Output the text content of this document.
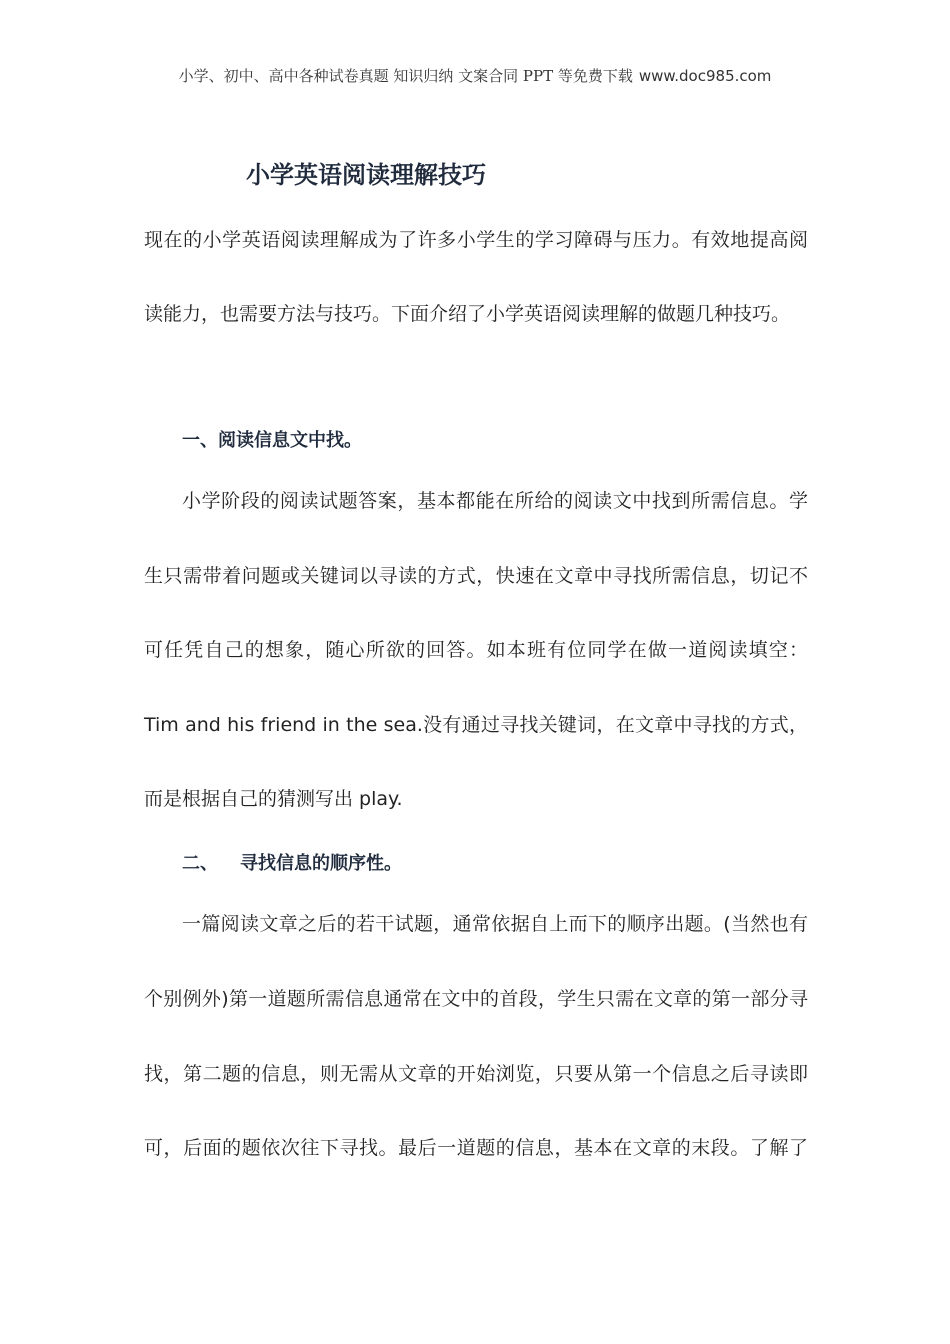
小学、初中、高中各种试卷真题 知识归纳 文案合同 PPT 等免费下载 www.doc985.com
小学英语阅读理解技巧
现在的小学英语阅读理解成为了许多小学生的学习障碍与压力。有效地提高阅
读能力，也需要方法与技巧。下面介绍了小学英语阅读理解的做题几种技巧。
一、阅读信息文中找。
小学阶段的阅读试题答案，基本都能在所给的阅读文中找到所需信息。学
生只需带着问题或关键词以寻读的方式，快速在文章中寻找所需信息，切记不
可任凭自己的想象，随心所欲的回答。如本班有位同学在做一道阅读填空：
Tim and his friend in the sea.没有通过寻找关键词，在文章中寻找的方式，
而是根据自己的猜测写出 play.
二、 寻找信息的顺序性。
一篇阅读文章之后的若干试题，通常依据自上而下的顺序出题。(当然也有
个别例外)第一道题所需信息通常在文中的首段，学生只需在文章的第一部分寻
找，第二题的信息，则无需从文章的开始浏览，只要从第一个信息之后寻读即
可，后面的题依次往下寻找。最后一道题的信息，基本在文章的末段。了解了
